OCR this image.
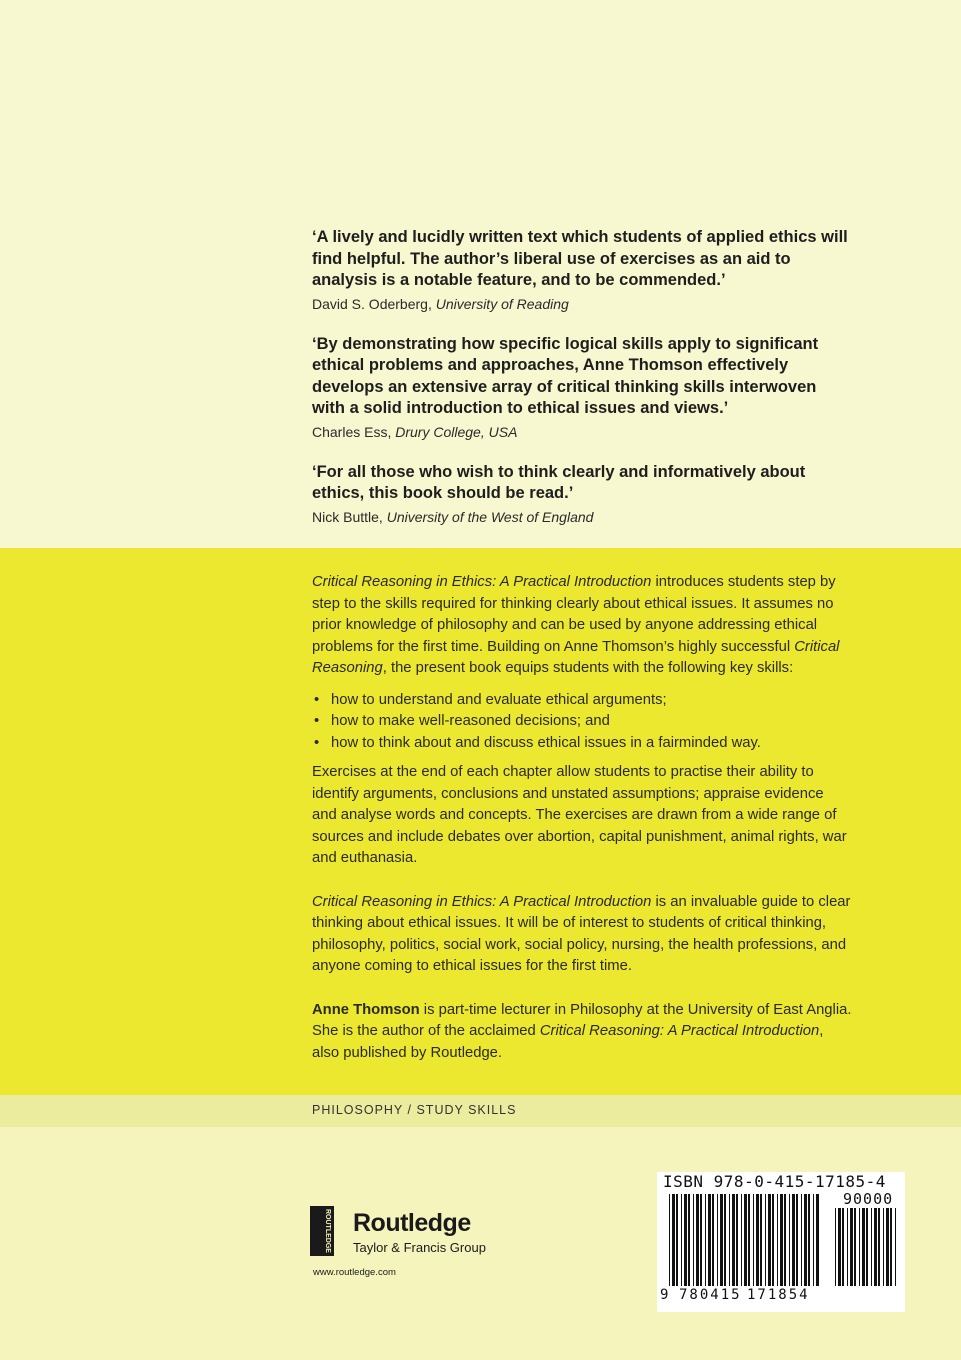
‘A lively and lucidly written text which students of applied ethics will find helpful. The author’s liberal use of exercises as an aid to analysis is a notable feature, and to be commended.’

David S. Oderberg, University of Reading

‘By demonstrating how specific logical skills apply to significant ethical problems and approaches, Anne Thomson effectively develops an extensive array of critical thinking skills interwoven with a solid introduction to ethical issues and views.’

Charles Ess, Drury College, USA

‘For all those who wish to think clearly and informatively about ethics, this book should be read.’

Nick Buttle, University of the West of England

Critical Reasoning in Ethics: A Practical Introduction introduces students step by step to the skills required for thinking clearly about ethical issues. It assumes no prior knowledge of philosophy and can be used by anyone addressing ethical problems for the first time. Building on Anne Thomson’s highly successful Critical Reasoning, the present book equips students with the following key skills:

• how to understand and evaluate ethical arguments;
• how to make well-reasoned decisions; and
• how to think about and discuss ethical issues in a fairminded way.

Exercises at the end of each chapter allow students to practise their ability to identify arguments, conclusions and unstated assumptions; appraise evidence and analyse words and concepts. The exercises are drawn from a wide range of sources and include debates over abortion, capital punishment, animal rights, war and euthanasia.

Critical Reasoning in Ethics: A Practical Introduction is an invaluable guide to clear thinking about ethical issues. It will be of interest to students of critical thinking, philosophy, politics, social work, social policy, nursing, the health professions, and anyone coming to ethical issues for the first time.

Anne Thomson is part-time lecturer in Philosophy at the University of East Anglia. She is the author of the acclaimed Critical Reasoning: A Practical Introduction, also published by Routledge.

PHILOSOPHY / STUDY SKILLS
ROUTLEDGE Routledge
Taylor & Francis Group
www.routledge.com
ISBN 978-0-415-17185-4
9 780415 171854
90000
